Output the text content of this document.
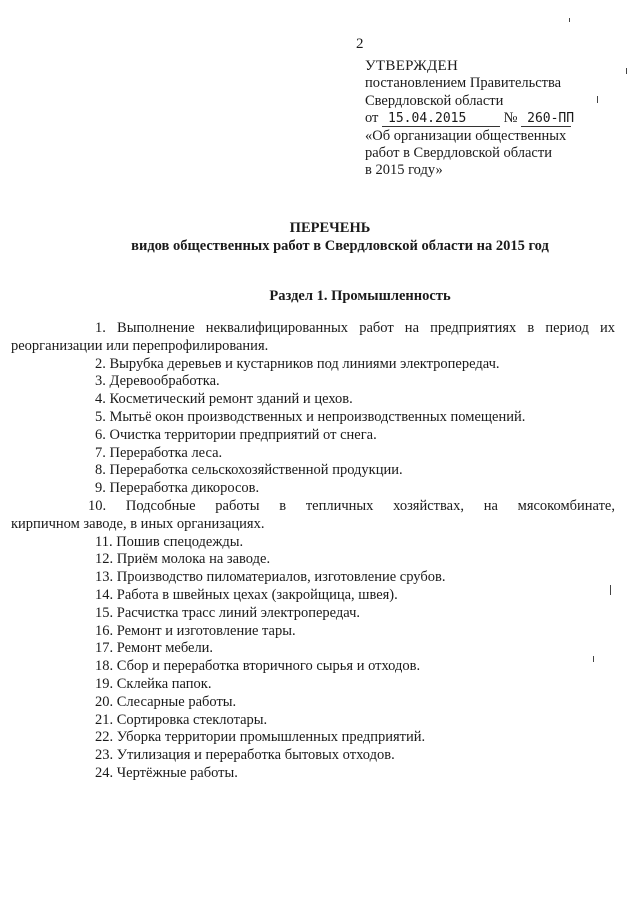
2
УТВЕРЖДЕН
постановлением Правительства
Свердловской области
от 15.04.2015	№ 260-ПП
«Об организации общественных
работ в Свердловской области
в 2015 году»
ПЕРЕЧЕНЬ
видов общественных работ в Свердловской области на 2015 год
Раздел 1. Промышленность
1. Выполнение неквалифицированных работ на предприятиях в период их
реорганизации или перепрофилирования.
2. Вырубка деревьев и кустарников под линиями электропередач.
3. Деревообработка.
4. Косметический ремонт зданий и цехов.
5. Мытьё окон производственных и непроизводственных помещений.
6. Очистка территории предприятий от снега.
7. Переработка леса.
8. Переработка сельскохозяйственной продукции.
9. Переработка дикоросов.
10. Подсобные работы в тепличных хозяйствах, на мясокомбинате,
кирпичном заводе, в иных организациях.
11. Пошив спецодежды.
12. Приём молока на заводе.
13. Производство пиломатериалов, изготовление срубов.
14. Работа в швейных цехах (закройщица, швея).
15. Расчистка трасс линий электропередач.
16. Ремонт и изготовление тары.
17. Ремонт мебели.
18. Сбор и переработка вторичного сырья и отходов.
19. Склейка папок.
20. Слесарные работы.
21. Сортировка стеклотары.
22. Уборка территории промышленных предприятий.
23. Утилизация и переработка бытовых отходов.
24. Чертёжные работы.
